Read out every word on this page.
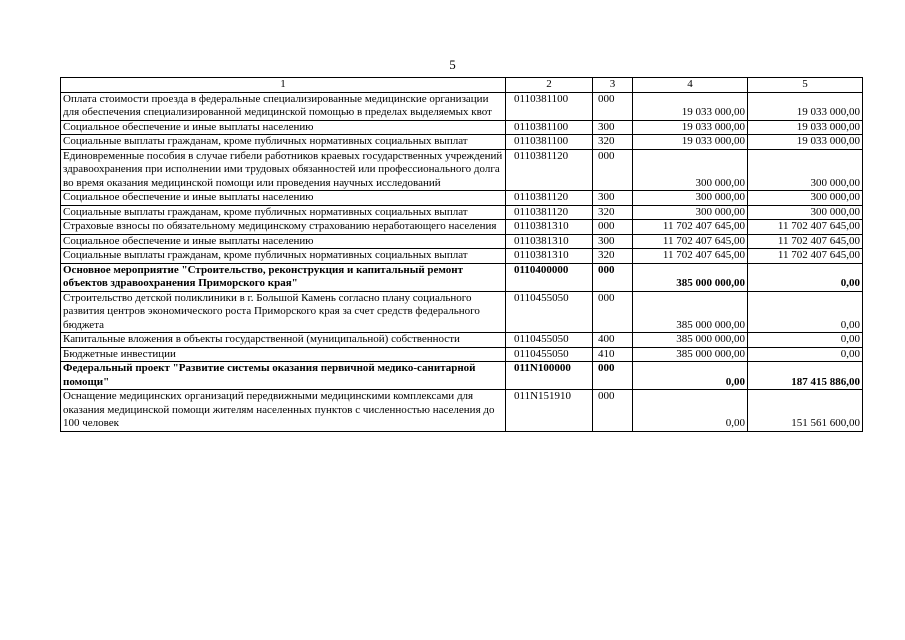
5
1	2	3	4	5
Оплата стоимости проезда в федеральные специализированные медицинские организации для обеспечения специализированной медицинской помощью в пределах выделяемых квот	0110381100	000	19 033 000,00	19 033 000,00
Социальное обеспечение и иные выплаты населению	0110381100	300	19 033 000,00	19 033 000,00
Социальные выплаты гражданам, кроме публичных нормативных социальных выплат	0110381100	320	19 033 000,00	19 033 000,00
Единовременные пособия в случае гибели работников краевых государственных учреждений здравоохранения при исполнении ими трудовых обязанностей или профессионального долга во время оказания медицинской помощи или проведения научных исследований	0110381120	000	300 000,00	300 000,00
Социальное обеспечение и иные выплаты населению	0110381120	300	300 000,00	300 000,00
Социальные выплаты гражданам, кроме публичных нормативных социальных выплат	0110381120	320	300 000,00	300 000,00
Страховые взносы по обязательному медицинскому страхованию неработающего населения	0110381310	000	11 702 407 645,00	11 702 407 645,00
Социальное обеспечение и иные выплаты населению	0110381310	300	11 702 407 645,00	11 702 407 645,00
Социальные выплаты гражданам, кроме публичных нормативных социальных выплат	0110381310	320	11 702 407 645,00	11 702 407 645,00
Основное мероприятие "Строительство, реконструкция и капитальный ремонт объектов здравоохранения Приморского края"	0110400000	000	385 000 000,00	0,00
Строительство детской поликлиники в г. Большой Камень согласно плану социального развития центров экономического роста Приморского края за счет средств федерального бюджета	0110455050	000	385 000 000,00	0,00
Капитальные вложения в объекты государственной (муниципальной) собственности	0110455050	400	385 000 000,00	0,00
Бюджетные инвестиции	0110455050	410	385 000 000,00	0,00
Федеральный проект "Развитие системы оказания первичной медико-санитарной помощи"	011N100000	000	0,00	187 415 886,00
Оснащение медицинских организаций передвижными медицинскими комплексами для оказания медицинской помощи жителям населенных пунктов с численностью населения до 100 человек	011N151910	000	0,00	151 561 600,00
